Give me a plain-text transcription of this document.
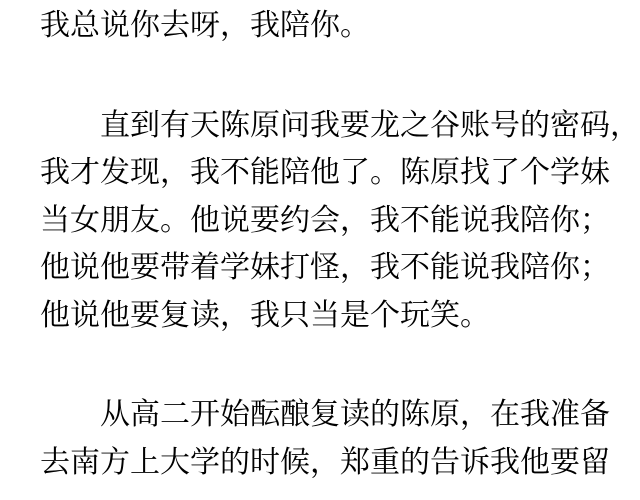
我总说你去呀，我陪你。
直到有天陈原问我要龙之谷账号的密码，
我才发现，我不能陪他了。陈原找了个学妹
当女朋友。他说要约会，我不能说我陪你；
他说他要带着学妹打怪，我不能说我陪你；
他说他要复读，我只当是个玩笑。
从高二开始酝酿复读的陈原，在我准备
去南方上大学的时候，郑重的告诉我他要留
